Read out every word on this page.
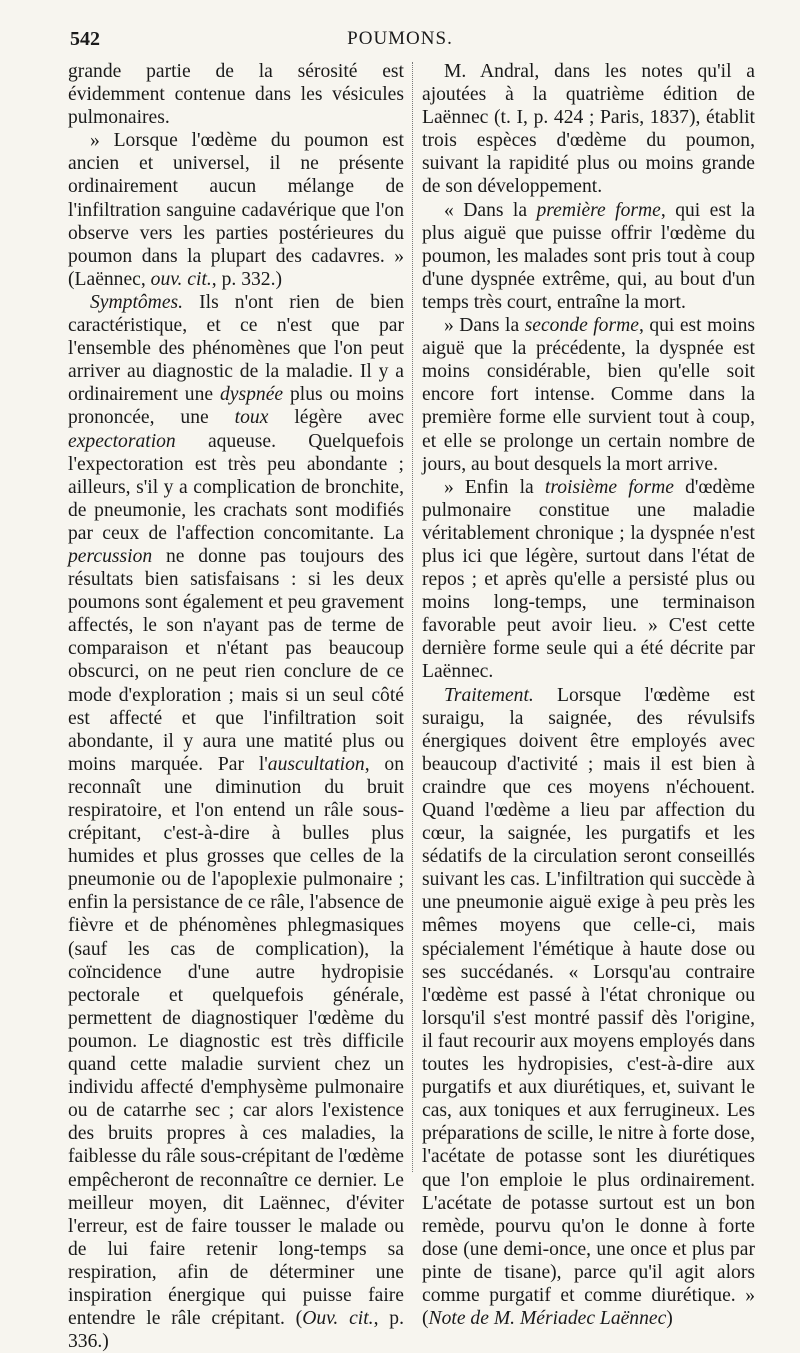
542	POUMONS.

grande partie de la sérosité est évidemment contenue dans les vésicules pulmonaires.

» Lorsque l'œdème du poumon est ancien et universel, il ne présente ordinairement aucun mélange de l'infiltration sanguine cadavérique que l'on observe vers les parties postérieures du poumon dans la plupart des cadavres. » (Laënnec, ouv. cit., p. 332.)

Symptômes. Ils n'ont rien de bien caractéristique, et ce n'est que par l'ensemble des phénomènes que l'on peut arriver au diagnostic de la maladie. Il y a ordinairement une dyspnée plus ou moins prononcée, une toux légère avec expectoration aqueuse. Quelquefois l'expectoration est très peu abondante ; ailleurs, s'il y a complication de bronchite, de pneumonie, les crachats sont modifiés par ceux de l'affection concomitante. La percussion ne donne pas toujours des résultats bien satisfaisans : si les deux poumons sont également et peu gravement affectés, le son n'ayant pas de terme de comparaison et n'étant pas beaucoup obscurci, on ne peut rien conclure de ce mode d'exploration ; mais si un seul côté est affecté et que l'infiltration soit abondante, il y aura une matité plus ou moins marquée. Par l'auscultation, on reconnaît une diminution du bruit respiratoire, et l'on entend un râle sous-crépitant, c'est-à-dire à bulles plus humides et plus grosses que celles de la pneumonie ou de l'apoplexie pulmonaire ; enfin la persistance de ce râle, l'absence de fièvre et de phénomènes phlegmasiques (sauf les cas de complication), la coïncidence d'une autre hydropisie pectorale et quelquefois générale, permettent de diagnostiquer l'œdème du poumon. Le diagnostic est très difficile quand cette maladie survient chez un individu affecté d'emphysème pulmonaire ou de catarrhe sec ; car alors l'existence des bruits propres à ces maladies, la faiblesse du râle sous-crépitant de l'œdème empêcheront de reconnaître ce dernier. Le meilleur moyen, dit Laënnec, d'éviter l'erreur, est de faire tousser le malade ou de lui faire retenir long-temps sa respiration, afin de déterminer une inspiration énergique qui puisse faire entendre le râle crépitant. (Ouv. cit., p. 336.)

M. Andral, dans les notes qu'il a ajoutées à la quatrième édition de Laënnec (t. I, p. 424 ; Paris, 1837), établit trois espèces d'œdème du poumon, suivant la rapidité plus ou moins grande de son développement.

« Dans la première forme, qui est la plus aiguë que puisse offrir l'œdème du poumon, les malades sont pris tout à coup d'une dyspnée extrême, qui, au bout d'un temps très court, entraîne la mort.

» Dans la seconde forme, qui est moins aiguë que la précédente, la dyspnée est moins considérable, bien qu'elle soit encore fort intense. Comme dans la première forme elle survient tout à coup, et elle se prolonge un certain nombre de jours, au bout desquels la mort arrive.

» Enfin la troisième forme d'œdème pulmonaire constitue une maladie véritablement chronique ; la dyspnée n'est plus ici que légère, surtout dans l'état de repos ; et après qu'elle a persisté plus ou moins long-temps, une terminaison favorable peut avoir lieu. » C'est cette dernière forme seule qui a été décrite par Laënnec.

Traitement. Lorsque l'œdème est suraigu, la saignée, des révulsifs énergiques doivent être employés avec beaucoup d'activité ; mais il est bien à craindre que ces moyens n'échouent. Quand l'œdème a lieu par affection du cœur, la saignée, les purgatifs et les sédatifs de la circulation seront conseillés suivant les cas. L'infiltration qui succède à une pneumonie aiguë exige à peu près les mêmes moyens que celle-ci, mais spécialement l'émétique à haute dose ou ses succédanés. « Lorsqu'au contraire l'œdème est passé à l'état chronique ou lorsqu'il s'est montré passif dès l'origine, il faut recourir aux moyens employés dans toutes les hydropisies, c'est-à-dire aux purgatifs et aux diurétiques, et, suivant le cas, aux toniques et aux ferrugineux. Les préparations de scille, le nitre à forte dose, l'acétate de potasse sont les diurétiques que l'on emploie le plus ordinairement. L'acétate de potasse surtout est un bon remède, pourvu qu'on le donne à forte dose (une demi-once, une once et plus par pinte de tisane), parce qu'il agit alors comme purgatif et comme diurétique. » (Note de M. Mériadec Laënnec)
